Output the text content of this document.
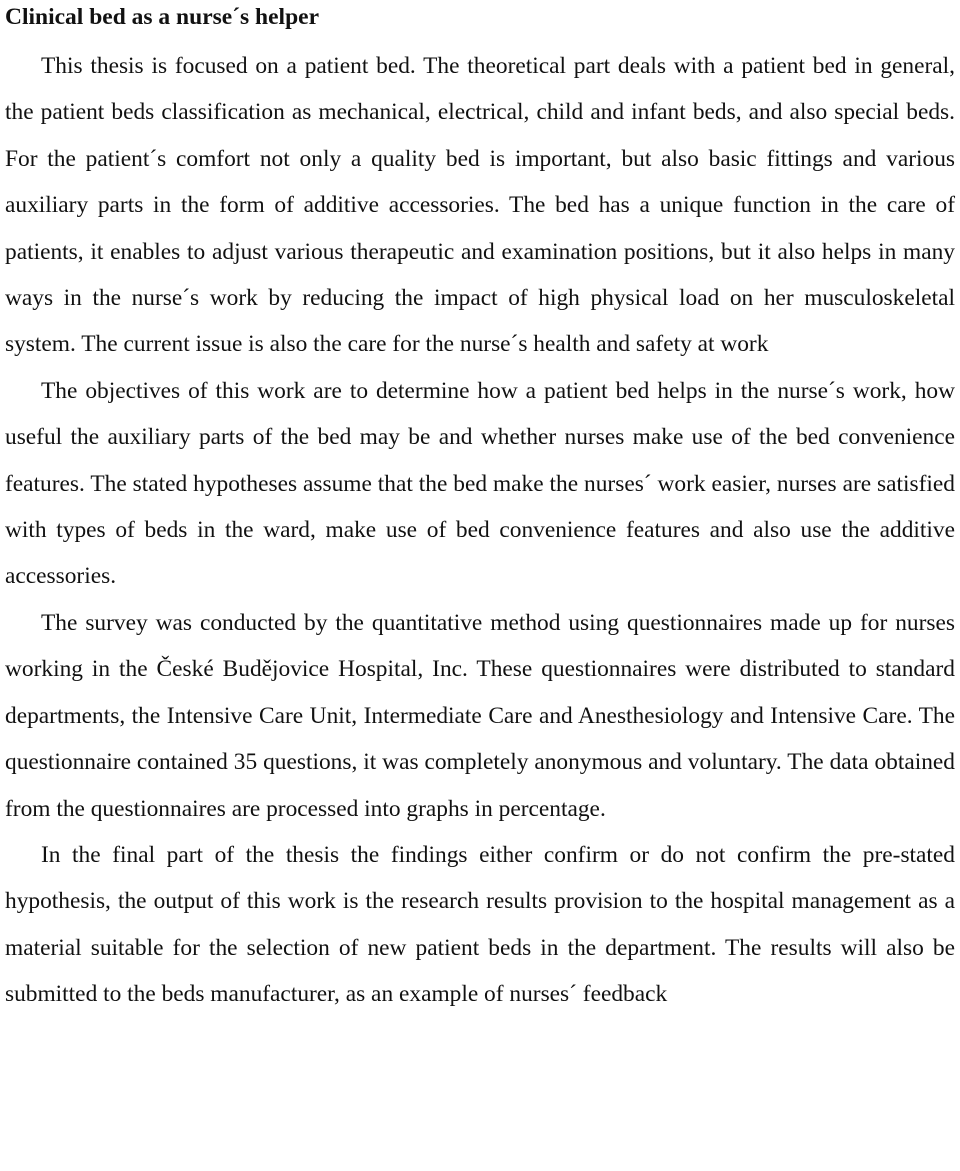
Clinical bed as a nurse´s helper

This thesis is focused on a patient bed. The theoretical part deals with a patient bed in general, the patient beds classification as mechanical, electrical, child and infant beds, and also special beds. For the patient´s comfort not only a quality bed is important, but also basic fittings and various auxiliary parts in the form of additive accessories. The bed has a unique function in the care of patients, it enables to adjust various therapeutic and examination positions, but it also helps in many ways in the nurse´s work by reducing the impact of high physical load on her musculoskeletal system. The current issue is also the care for the nurse´s health and safety at work

The objectives of this work are to determine how a patient bed helps in the nurse´s work, how useful the auxiliary parts of the bed may be and whether nurses make use of the bed convenience features. The stated hypotheses assume that the bed make the nurses´ work easier, nurses are satisfied with types of beds in the ward, make use of bed convenience features and also use the additive accessories.

The survey was conducted by the quantitative method using questionnaires made up for nurses working in the České Budějovice Hospital, Inc. These questionnaires were distributed to standard departments, the Intensive Care Unit, Intermediate Care and Anesthesiology and Intensive Care. The questionnaire contained 35 questions, it was completely anonymous and voluntary. The data obtained from the questionnaires are processed into graphs in percentage.

In the final part of the thesis the findings either confirm or do not confirm the pre-stated hypothesis, the output of this work is the research results provision to the hospital management as a material suitable for the selection of new patient beds in the department. The results will also be submitted to the beds manufacturer, as an example of nurses´ feedback
